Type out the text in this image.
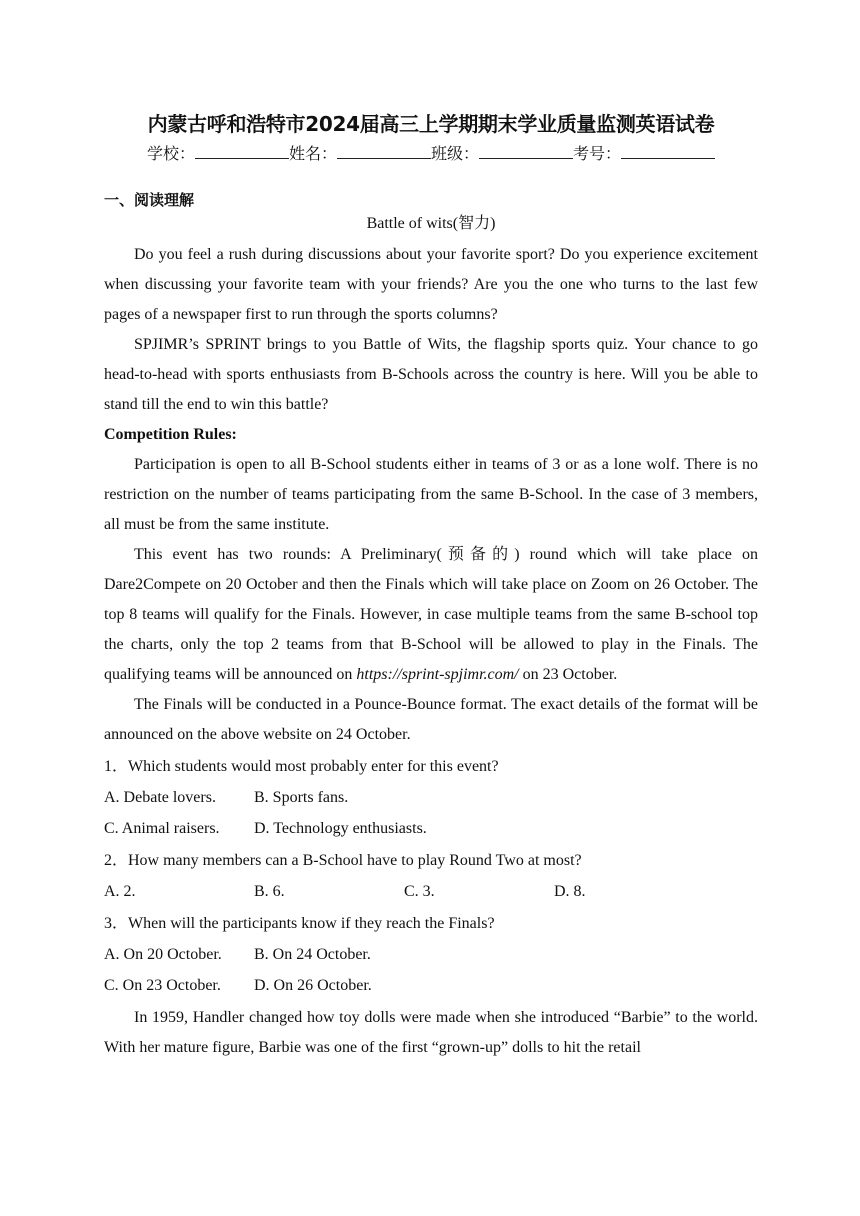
内蒙古呼和浩特市2024届高三上学期期末学业质量监测英语试卷
学校：	姓名：	班级：	考号：
一、阅读理解
Battle of wits(智力)

Do you feel a rush during discussions about your favorite sport? Do you experience excitement when discussing your favorite team with your friends? Are you the one who turns to the last few pages of a newspaper first to run through the sports columns?

SPJIMR’s SPRINT brings to you Battle of Wits, the flagship sports quiz. Your chance to go head-to-head with sports enthusiasts from B-Schools across the country is here. Will you be able to stand till the end to win this battle?

Competition Rules:

Participation is open to all B-School students either in teams of 3 or as a lone wolf. There is no restriction on the number of teams participating from the same B-School. In the case of 3 members, all must be from the same institute.

This event has two rounds: A Preliminary(预备的) round which will take place on Dare2Compete on 20 October and then the Finals which will take place on Zoom on 26 October. The top 8 teams will qualify for the Finals. However, in case multiple teams from the same B-school top the charts, only the top 2 teams from that B-School will be allowed to play in the Finals. The qualifying teams will be announced on https://sprint-spjimr.com/ on 23 October.

The Finals will be conducted in a Pounce-Bounce format. The exact details of the format will be announced on the above website on 24 October.

1．Which students would most probably enter for this event?
A. Debate lovers.	B. Sports fans.
C. Animal raisers.	D. Technology enthusiasts.
2．How many members can a B-School have to play Round Two at most?
A. 2.	B. 6.	C. 3.	D. 8.
3．When will the participants know if they reach the Finals?
A. On 20 October.	B. On 24 October.
C. On 23 October.	D. On 26 October.

In 1959, Handler changed how toy dolls were made when she introduced “Barbie” to the world. With her mature figure, Barbie was one of the first “grown-up” dolls to hit the retail
